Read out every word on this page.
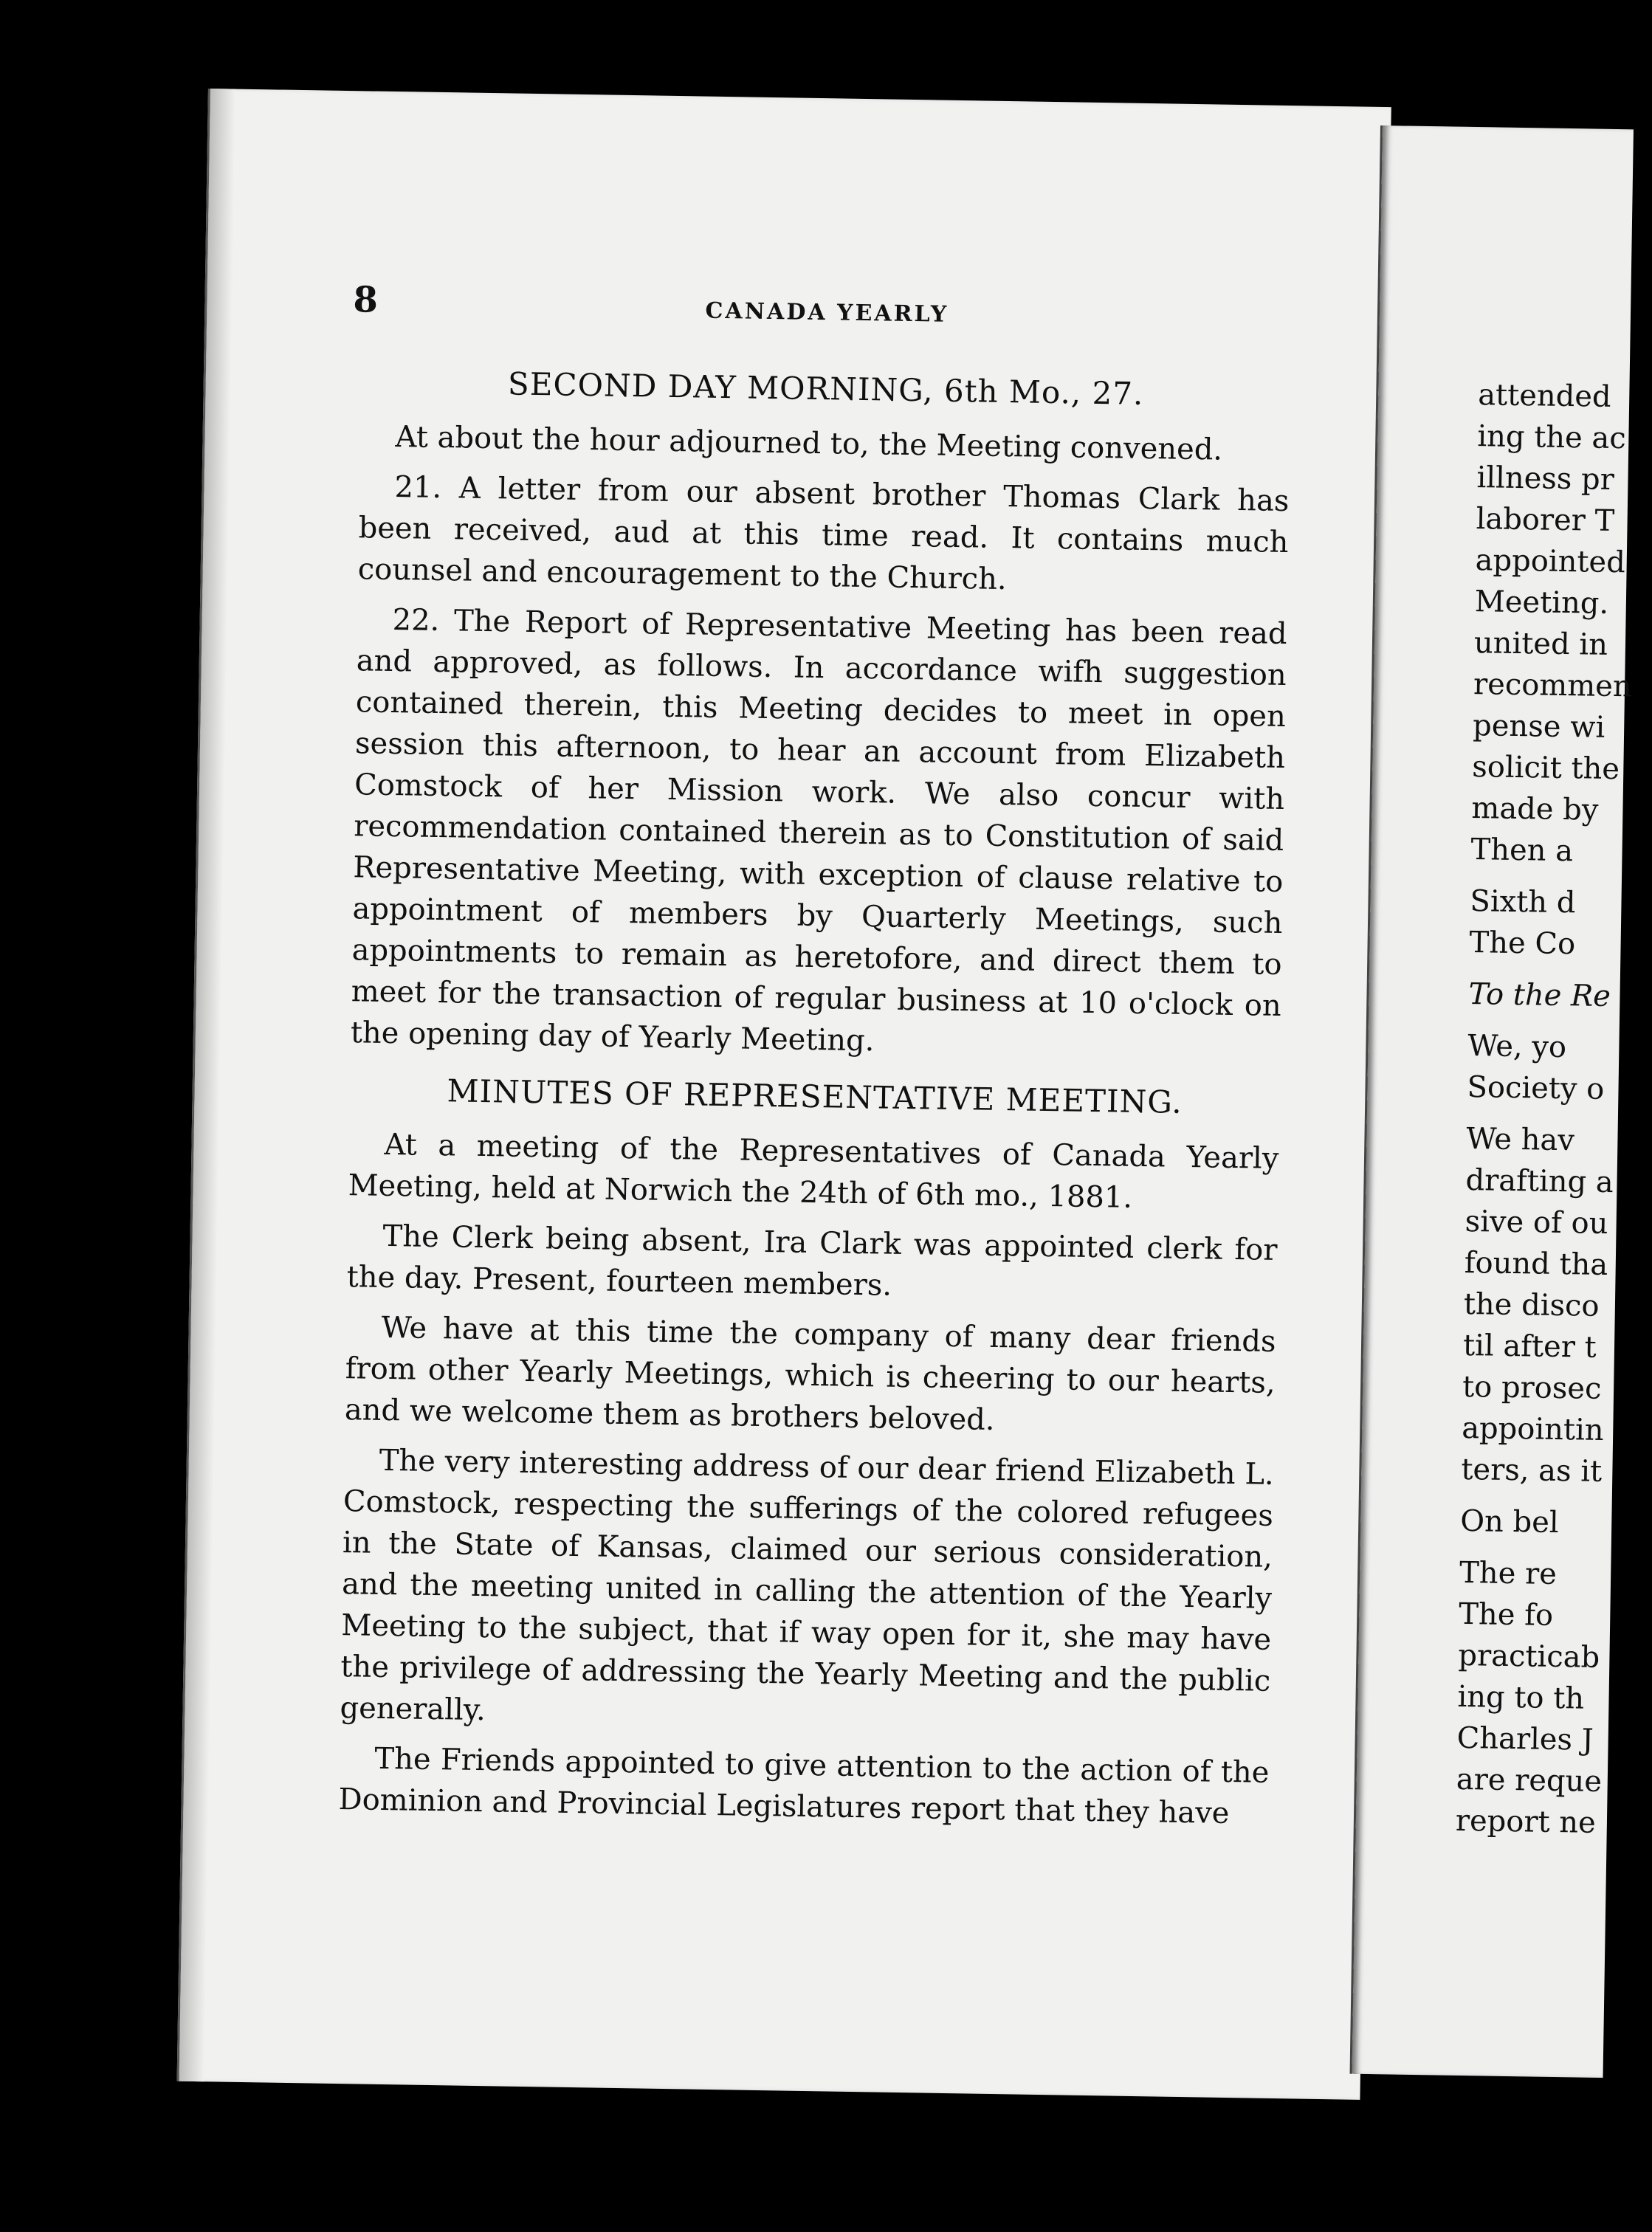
8	CANADA YEARLY
SECOND DAY MORNING, 6th Mo., 27.

At about the hour adjourned to, the Meeting convened.

21. A letter from our absent brother Thomas Clark has been received, aud at this time read. It contains much counsel and encouragement to the Church.

22. The Report of Representative Meeting has been read and approved, as follows. In accordance wifh suggestion contained therein, this Meeting decides to meet in open session this afternoon, to hear an account from Elizabeth Comstock of her Mission work. We also concur with recommendation contained therein as to Constitution of said Representative Meeting, with exception of clause relative to appointment of members by Quarterly Meetings, such appointments to remain as heretofore, and direct them to meet for the transaction of regular business at 10 o'clock on the opening day of Yearly Meeting.

MINUTES OF REPRESENTATIVE MEETING.

At a meeting of the Representatives of Canada Yearly Meeting, held at Norwich the 24th of 6th mo., 1881.

The Clerk being absent, Ira Clark was appointed clerk for the day. Present, fourteen members.

We have at this time the company of many dear friends from other Yearly Meetings, which is cheering to our hearts, and we welcome them as brothers beloved.

The very interesting address of our dear friend Elizabeth L. Comstock, respecting the sufferings of the colored refugees in the State of Kansas, claimed our serious consideration, and the meeting united in calling the attention of the Yearly Meeting to the subject, that if way open for it, she may have the privilege of addressing the Yearly Meeting and the public generally.

The Friends appointed to give attention to the action of the Dominion and Provincial Legislatures report that they have

attended
ing the ac
illness pr
laborer T
appointed
Meeting.
united in
recommen
pense wi
solicit the
made by
Then a
Sixth d
The Co
To the Re
We, yo
Society o
We hav
drafting a
sive of ou
found tha
the disco
til after t
to prosec
appointin
ters, as it
On bel
The re
The fo
practicab
ing to th
Charles J
are reque
report ne
